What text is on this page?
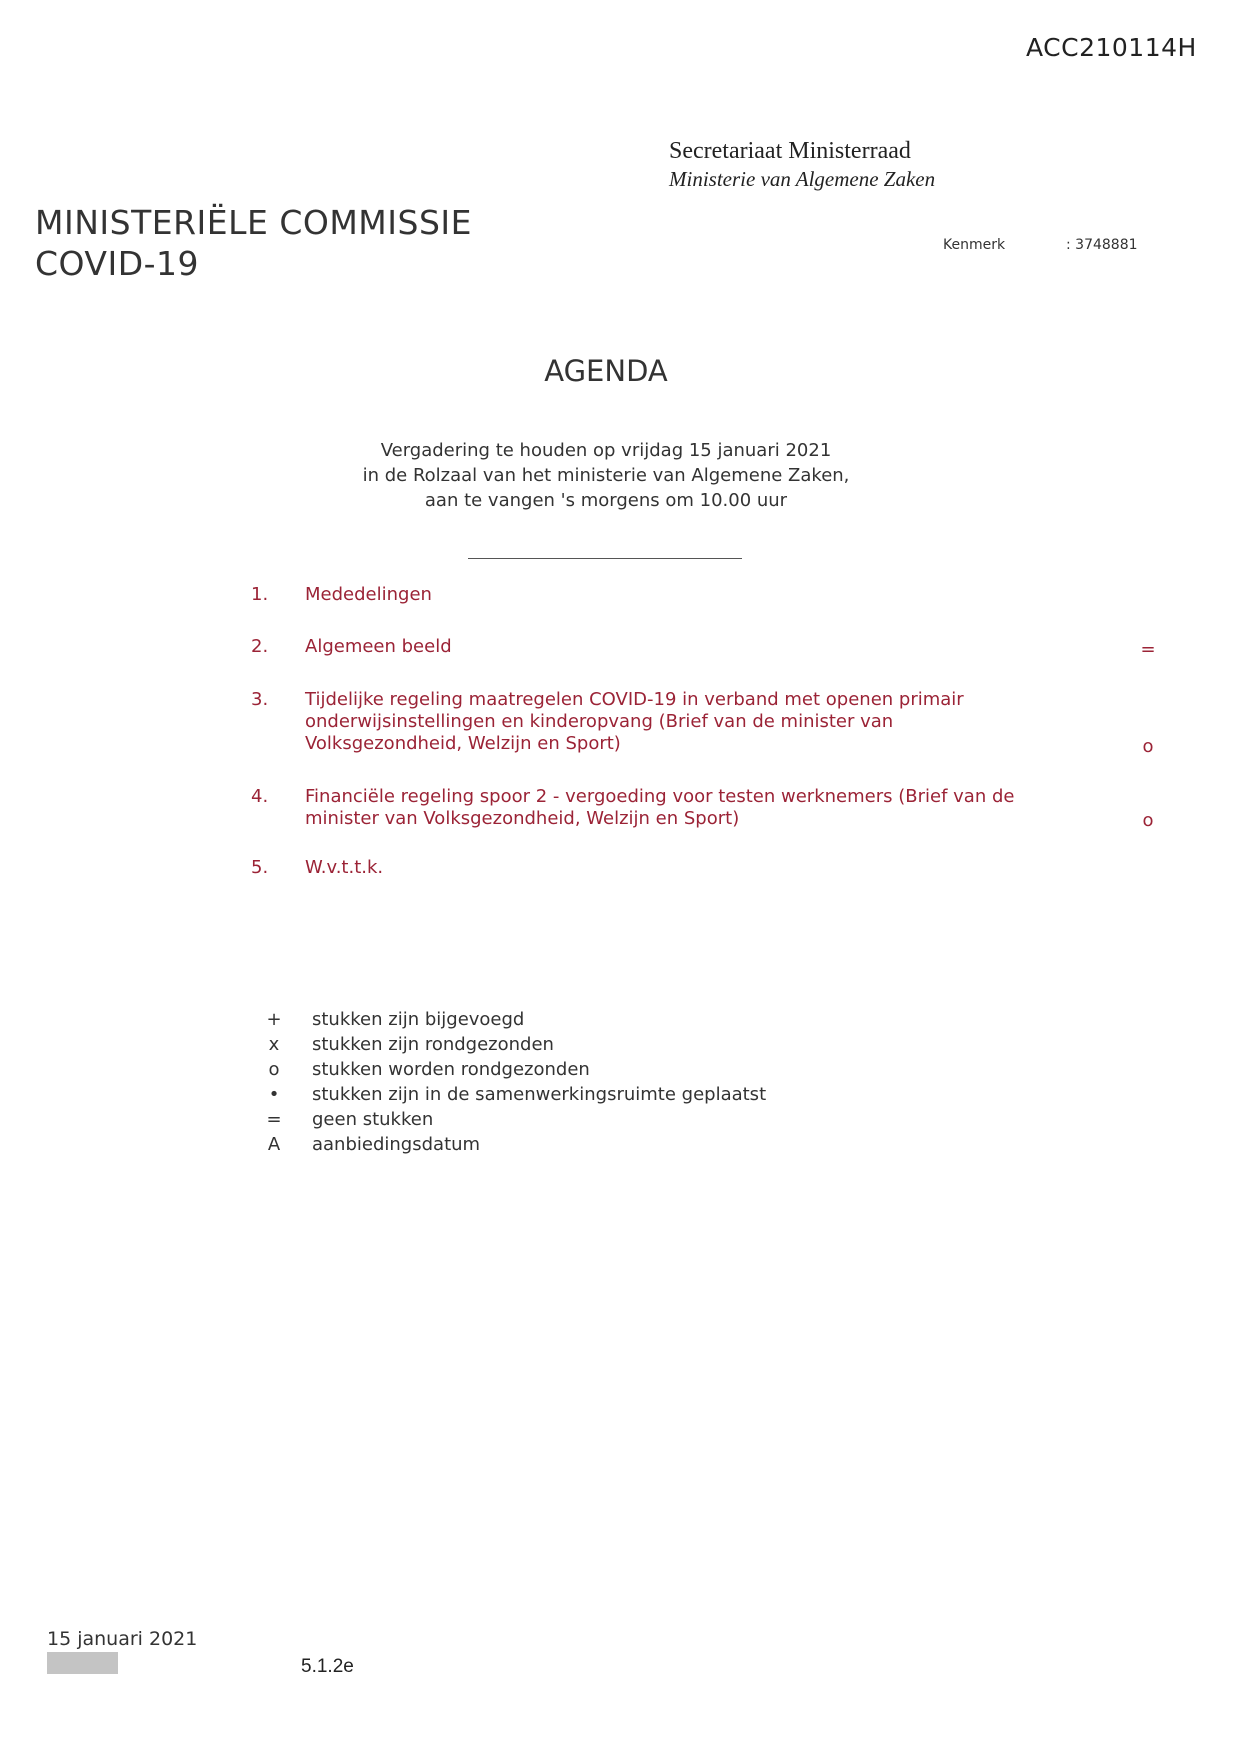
ACC210114H
Secretariaat Ministerraad
Ministerie van Algemene Zaken
MINISTERIËLE COMMISSIE
COVID-19	Kenmerk	: 3748881
AGENDA
Vergadering te houden op vrijdag 15 januari 2021
in de Rolzaal van het ministerie van Algemene Zaken,
aan te vangen 's morgens om 10.00 uur
1. Mededelingen
2. Algemeen beeld	=
3. Tijdelijke regeling maatregelen COVID-19 in verband met openen primair
onderwijsinstellingen en kinderopvang (Brief van de minister van
Volksgezondheid, Welzijn en Sport)	o
4. Financiële regeling spoor 2 - vergoeding voor testen werknemers (Brief van de
minister van Volksgezondheid, Welzijn en Sport)	o
5. W.v.t.t.k.
+ stukken zijn bijgevoegd
x	stukken zijn rondgezonden
o	stukken worden rondgezonden
•	stukken zijn in de samenwerkingsruimte geplaatst
= geen stukken
A	aanbiedingsdatum
15 januari 2021
5.1.2e
